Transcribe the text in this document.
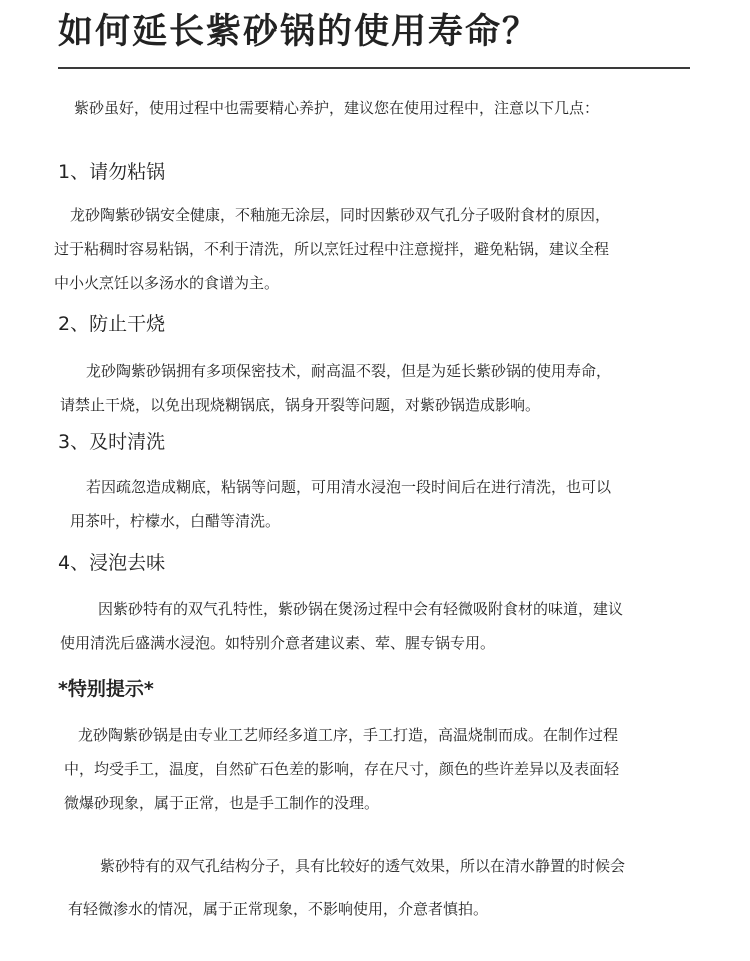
如何延长紫砂锅的使用寿命？
紫砂虽好，使用过程中也需要精心养护，建议您在使用过程中，注意以下几点：
1、请勿粘锅
龙砂陶紫砂锅安全健康，不釉施无涂层，同时因紫砂双气孔分子吸附食材的原因，
过于粘稠时容易粘锅，不利于清洗，所以烹饪过程中注意搅拌，避免粘锅，建议全程
中小火烹饪以多汤水的食谱为主。
2、防止干烧
龙砂陶紫砂锅拥有多项保密技术，耐高温不裂，但是为延长紫砂锅的使用寿命，
请禁止干烧，以免出现烧糊锅底，锅身开裂等问题，对紫砂锅造成影响。
3、及时清洗
若因疏忽造成糊底，粘锅等问题，可用清水浸泡一段时间后在进行清洗，也可以
用茶叶，柠檬水，白醋等清洗。
4、浸泡去味
因紫砂特有的双气孔特性，紫砂锅在煲汤过程中会有轻微吸附食材的味道，建议
使用清洗后盛满水浸泡。如特别介意者建议素、荤、腥专锅专用。
*特别提示*
龙砂陶紫砂锅是由专业工艺师经多道工序，手工打造，高温烧制而成。在制作过程
中，均受手工，温度，自然矿石色差的影响，存在尺寸，颜色的些许差异以及表面轻
微爆砂现象，属于正常，也是手工制作的没理。
紫砂特有的双气孔结构分子，具有比较好的透气效果，所以在清水静置的时候会
有轻微渗水的情况，属于正常现象，不影响使用，介意者慎拍。
